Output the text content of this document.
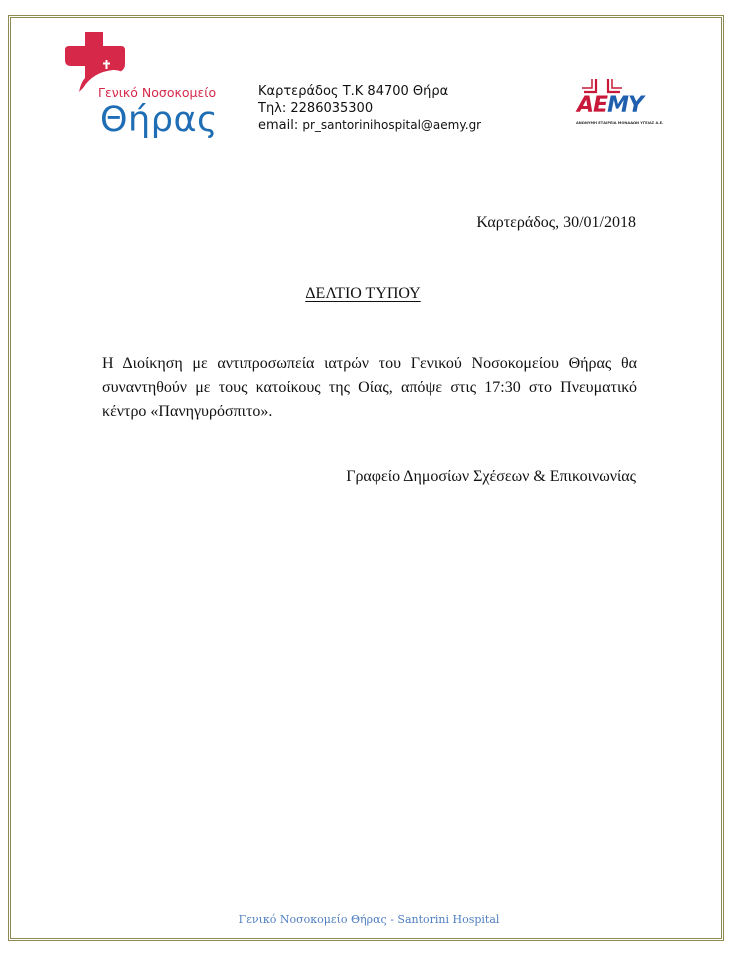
Γενικό Νοσοκομείο
Θήρας
Καρτεράδος Τ.Κ 84700 Θήρα
Τηλ: 2286035300
email: pr_santorinihospital@aemy.gr
ΑΕΜΥ
ΑΝΩΝΥΜΗ ΕΤΑΙΡΕΙΑ ΜΟΝΑΔΩΝ ΥΓΕΙΑΣ Α.Ε.
Καρτεράδος, 30/01/2018
ΔΕΛΤΙΟ ΤΥΠΟΥ
Η Διοίκηση με αντιπροσωπεία ιατρών του Γενικού Νοσοκομείου Θήρας θα συναντηθούν με τους κατοίκους της Οίας, απόψε στις 17:30 στο Πνευματικό κέντρο «Πανηγυρόσπιτο».
Γραφείο Δημοσίων Σχέσεων & Επικοινωνίας
Γενικό Νοσοκομείο Θήρας - Santorini Hospital
